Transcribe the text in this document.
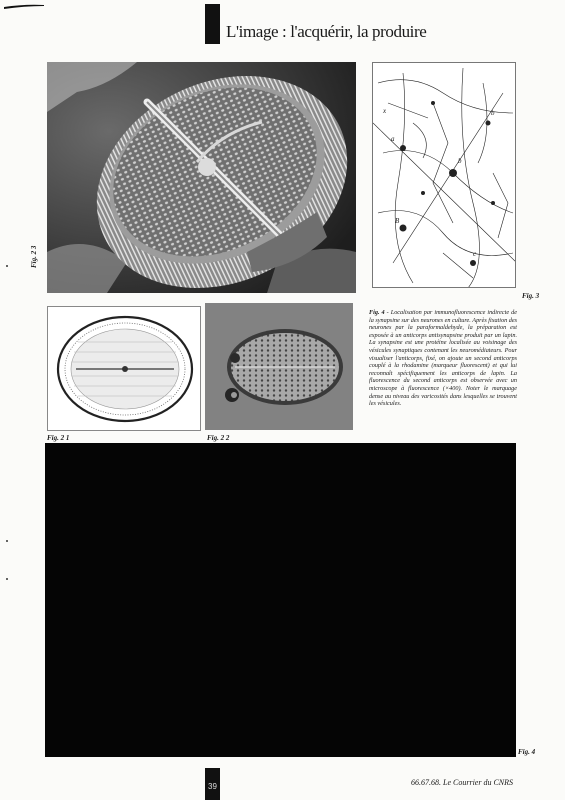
L'image : l'acquérir, la produire
Fig. 2 3
a
b
b
B
c
x
Fig. 3
Fig. 2 1	Fig. 2 2
Fig. 4 - Localisation par immunofluorescence indirecte de la synapsine sur des neurones en culture. Après fixation des neurones par la paraformaldehyde, la préparation est exposée à un anticorps antisynapsine produit par un lapin. La synapsine est une protéine localisée au voisinage des vésicules synaptiques contenant les neuromédiateurs. Pour visualiser l'anticorps, fixé, on ajoute un second anticorps couplé à la rhodamine (marqueur fluorescent) et qui lui reconnaît spécifiquement les anticorps de lapin. La fluorescence du second anticorps est observée avec un microscope à fluorescence (×400). Noter le marquage dense au niveau des varicosités dans lesquelles se trouvent les vésicules.
Fig. 4
39	66.67.68. Le Courrier du CNRS
